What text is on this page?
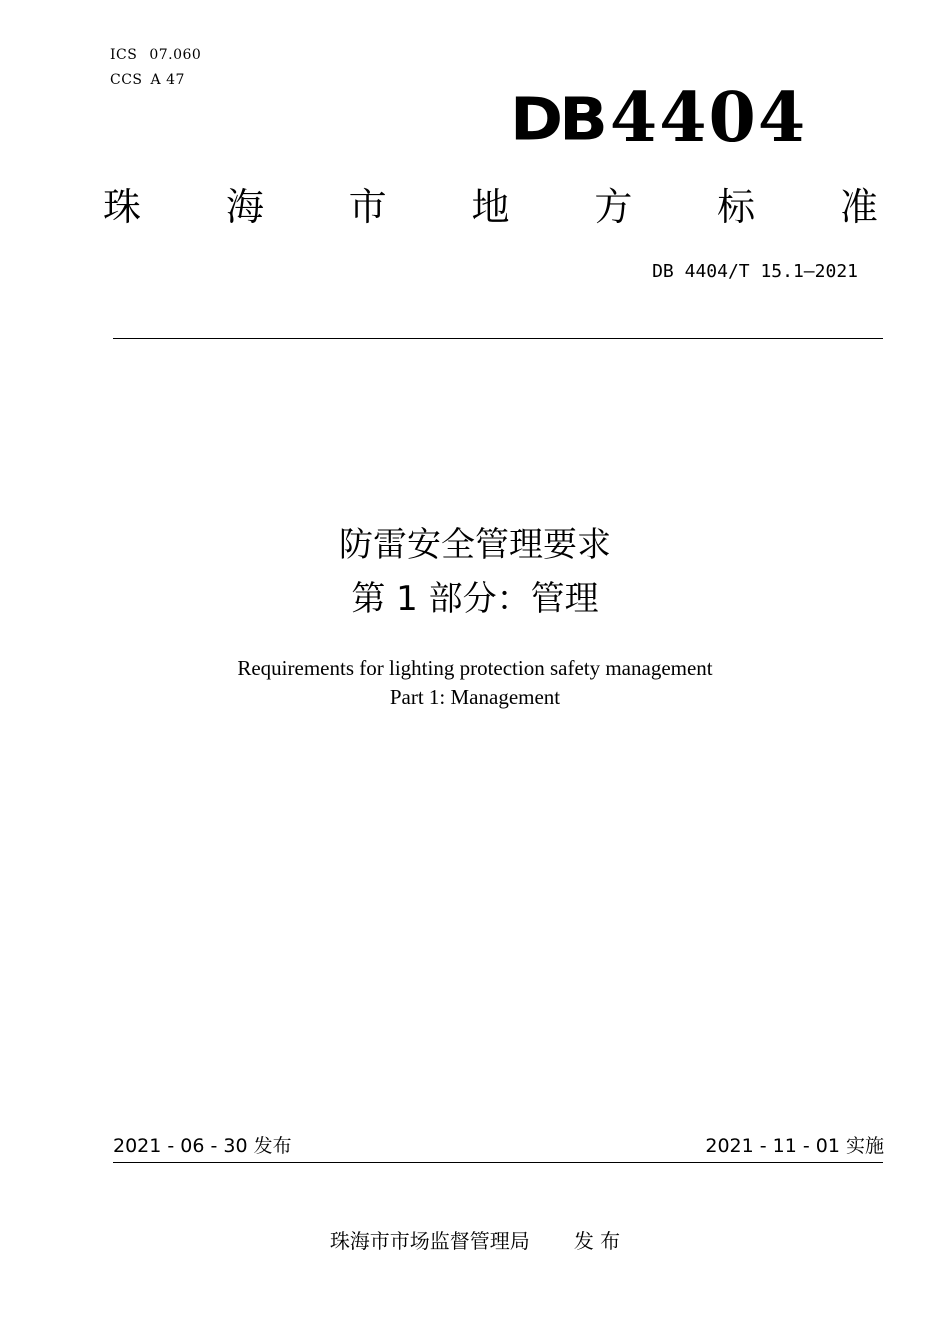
ICS 07.060
CCS A 47
DB4404
珠 海 市 地 方 标 准
DB 4404/T 15.1—2021
防雷安全管理要求
第 1 部分：管理
Requirements for lighting protection safety management
Part 1: Management
2021 - 06 - 30 发布	2021 - 11 - 01 实施
珠海市市场监督管理局 发 布
